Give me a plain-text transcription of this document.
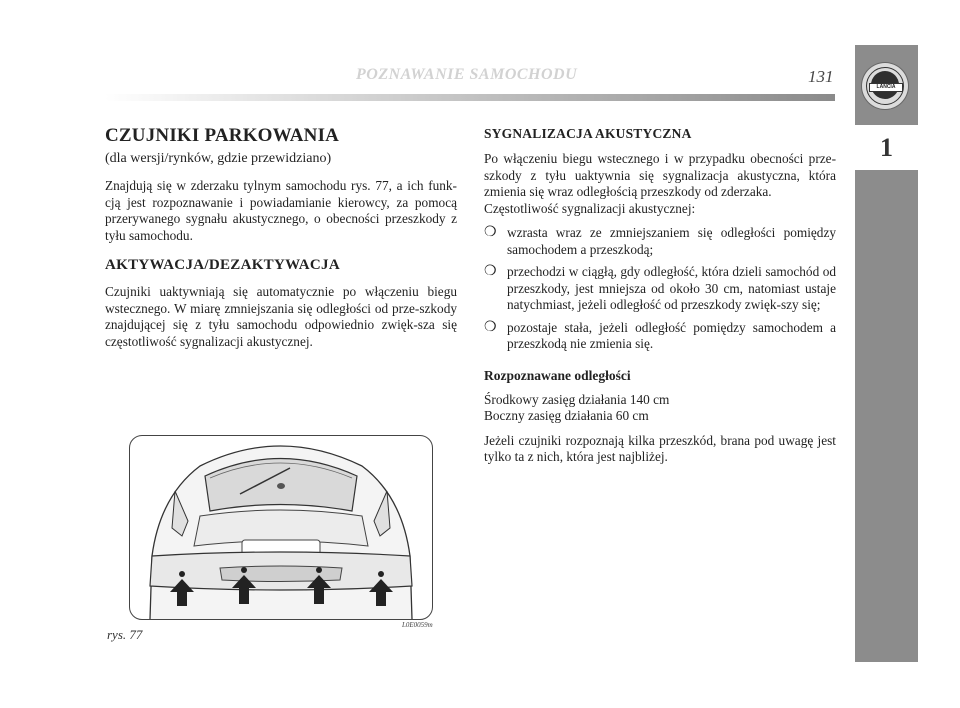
POZNAWANIE SAMOCHODU	131
LANCIA
1
CZUJNIKI PARKOWANIA
(dla wersji/rynków, gdzie przewidziano)

Znajdują się w zderzaku tylnym samochodu rys. 77, a ich funk-cją jest rozpoznawanie i powiadamianie kierowcy, za pomocą przerywanego sygnału akustycznego, o obecności przeszkody z tyłu samochodu.

AKTYWACJA/DEZAKTYWACJA

Czujniki uaktywniają się automatycznie po włączeniu biegu wstecznego. W miarę zmniejszania się odległości od prze-szkody znajdującej się z tyłu samochodu odpowiednio zwięk-sza się częstotliwość sygnalizacji akustycznej.

L0E0059m
rys. 77
SYGNALIZACJA AKUSTYCZNA

Po włączeniu biegu wstecznego i w przypadku obecności prze-szkody z tyłu uaktywnia się sygnalizacja akustyczna, która zmienia się wraz odległością przeszkody od zderzaka.

Częstotliwość sygnalizacji akustycznej:

❍ wzrasta wraz ze zmniejszaniem się odległości pomiędzy samochodem a przeszkodą;
❍ przechodzi w ciągłą, gdy odległość, która dzieli samochód od przeszkody, jest mniejsza od około 30 cm, natomiast ustaje natychmiast, jeżeli odległość od przeszkody zwięk-szy się;
❍ pozostaje stała, jeżeli odległość pomiędzy samochodem a przeszkodą nie zmienia się.
Rozpoznawane odległości

Środkowy zasięg działania 140 cm

Boczny zasięg działania 60 cm

Jeżeli czujniki rozpoznają kilka przeszkód, brana pod uwagę jest tylko ta z nich, która jest najbliżej.
